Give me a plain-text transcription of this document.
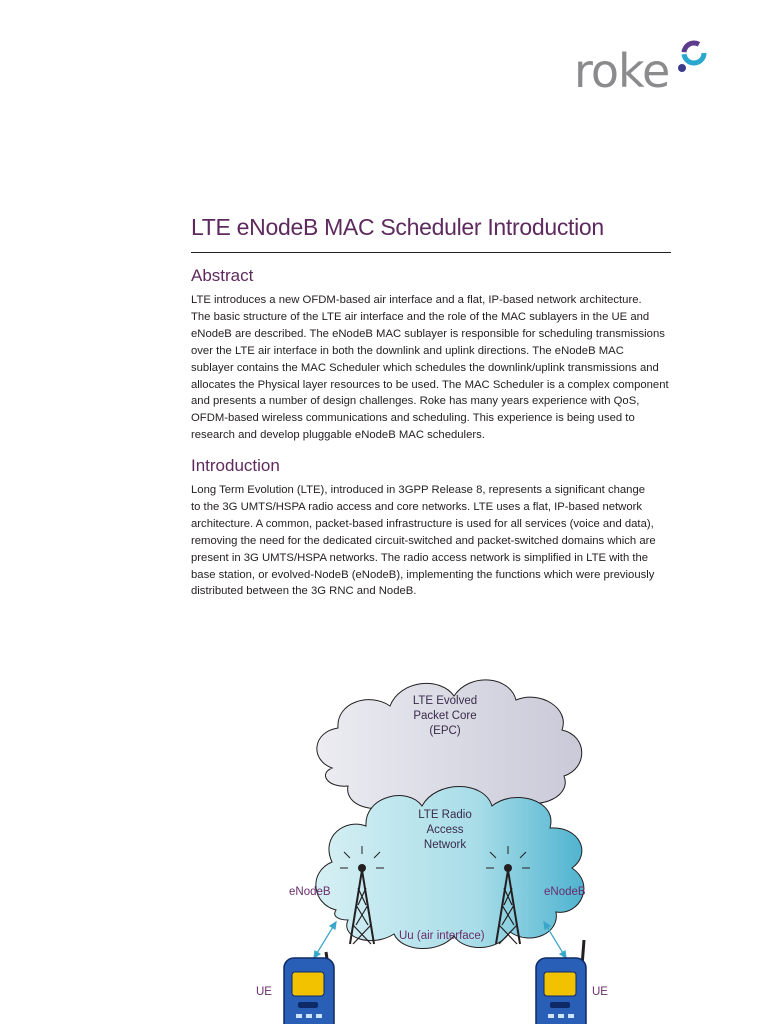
roke
LTE eNodeB MAC Scheduler Introduction
Abstract
LTE introduces a new OFDM-based air interface and a flat, IP-based network architecture.
The basic structure of the LTE air interface and the role of the MAC sublayers in the UE and
eNodeB are described. The eNodeB MAC sublayer is responsible for scheduling transmissions
over the LTE air interface in both the downlink and uplink directions. The eNodeB MAC
sublayer contains the MAC Scheduler which schedules the downlink/uplink transmissions and
allocates the Physical layer resources to be used. The MAC Scheduler is a complex component
and presents a number of design challenges. Roke has many years experience with QoS,
OFDM-based wireless communications and scheduling. This experience is being used to
research and develop pluggable eNodeB MAC schedulers.
Introduction
Long Term Evolution (LTE), introduced in 3GPP Release 8, represents a significant change
to the 3G UMTS/HSPA radio access and core networks. LTE uses a flat, IP-based network
architecture. A common, packet-based infrastructure is used for all services (voice and data),
removing the need for the dedicated circuit-switched and packet-switched domains which are
present in 3G UMTS/HSPA networks. The radio access network is simplified in LTE with the
base station, or evolved-NodeB (eNodeB), implementing the functions which were previously
distributed between the 3G RNC and NodeB.
LTE Evolved
Packet Core
(EPC)
LTE Radio
Access
Network
eNodeB	eNodeB
Uu (air interface)
UE	UE
